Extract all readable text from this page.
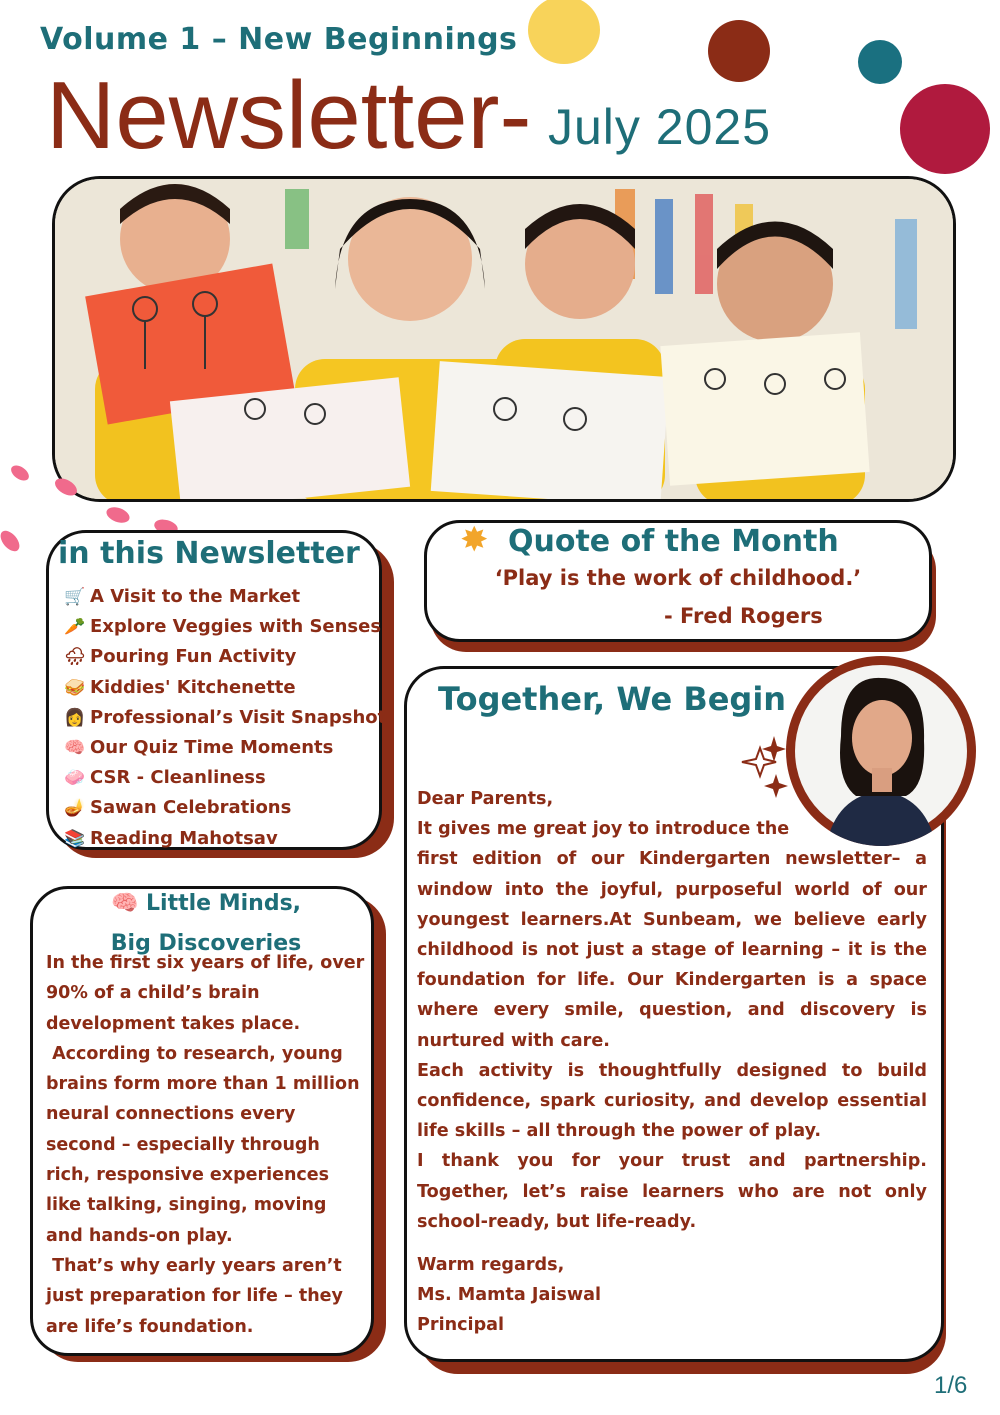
Volume 1 – New Beginnings
Newsletter- July 2025
in this Newsletter
🛒 A Visit to the Market
🥕 Explore Veggies with Senses
🌧 Pouring Fun Activity
🥪 Kiddies' Kitchenette
👩 Professional’s Visit Snapshot
🧠 Our Quiz Time Moments
🧼 CSR - Cleanliness
🪔 Sawan Celebrations
📚 Reading Mahotsav
✸ Quote of the Month
‘Play is the work of childhood.’
- Fred Rogers
🧠 Little Minds,
Big Discoveries

In the first six years of life, over 90% of a child’s brain development takes place.

According to research, young brains form more than 1 million neural connections every second – especially through rich, responsive experiences like talking, singing, moving and hands-on play.

That’s why early years aren’t just preparation for life – they are life’s foundation.

Together, We Begin

Dear Parents,

It gives me great joy to introduce the

first edition of our Kindergarten newsletter– a window into the joyful, purposeful world of our youngest learners.At Sunbeam, we believe early childhood is not just a stage of learning – it is the foundation for life. Our Kindergarten is a space where every smile, question, and discovery is nurtured with care.

Each activity is thoughtfully designed to build confidence, spark curiosity, and develop essential life skills – all through the power of play.

I thank you for your trust and partnership. Together, let’s raise learners who are not only school-ready, but life-ready.

Warm regards,

Ms. Mamta Jaiswal

Principal

1/6
